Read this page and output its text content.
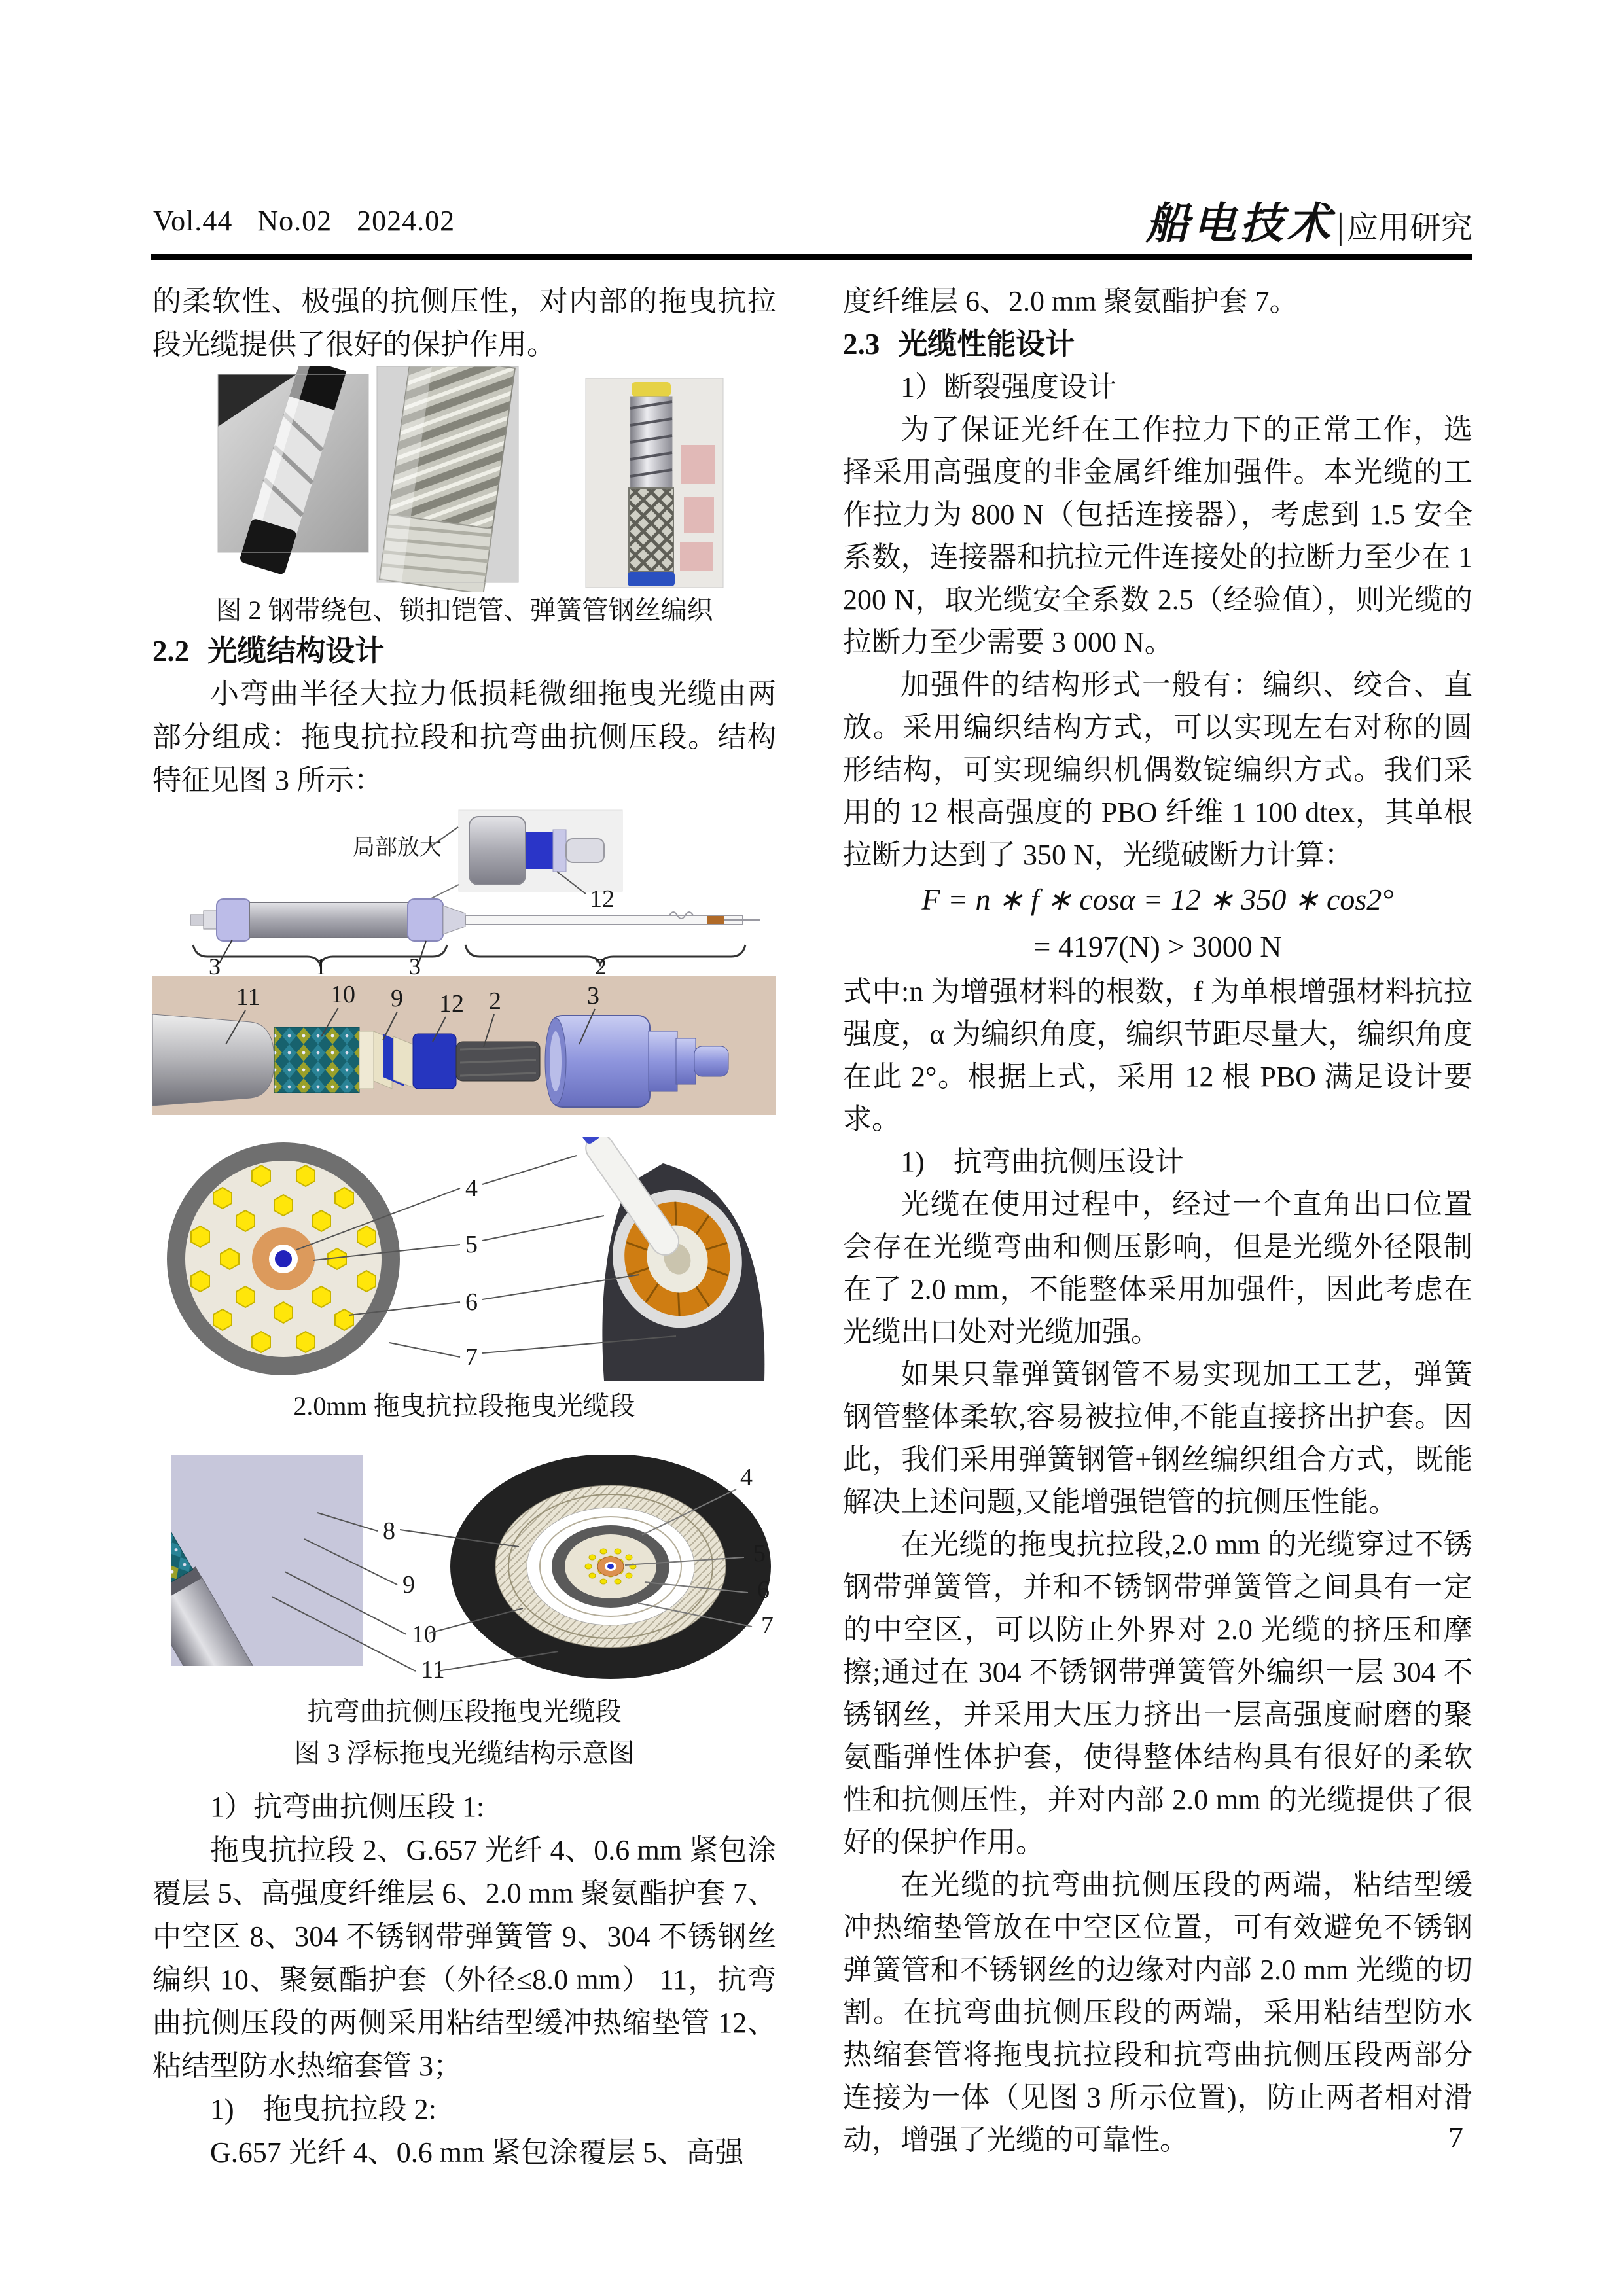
Vol.44 No.02 2024.02	船电技术|应用研究

的柔软性、极强的抗侧压性，对内部的拖曳抗拉段光缆提供了很好的保护作用。

图 2 钢带绕包、锁扣铠管、弹簧管钢丝编织
2.2 光缆结构设计

小弯曲半径大拉力低损耗微细拖曳光缆由两部分组成：拖曳抗拉段和抗弯曲抗侧压段。结构特征见图 3 所示：

12
局部放大
3	1	3	2
11	10 9 12 2	3
4
5
6
7
2.0mm 拖曳抗拉段拖曳光缆段
8
9
10
11
4
5
6
7

抗弯曲抗侧压段拖曳光缆段

图 3 浮标拖曳光缆结构示意图

1）抗弯曲抗侧压段 1:

拖曳抗拉段 2、G.657 光纤 4、0.6 mm 紧包涂覆层 5、高强度纤维层 6、2.0 mm 聚氨酯护套 7、中空区 8、304 不锈钢带弹簧管 9、304 不锈钢丝编织 10、聚氨酯护套（外径≤8.0 mm） 11，抗弯曲抗侧压段的两侧采用粘结型缓冲热缩垫管 12、粘结型防水热缩套管 3；

1)　拖曳抗拉段 2:

G.657 光纤 4、0.6 mm 紧包涂覆层 5、高强

度纤维层 6、2.0 mm 聚氨酯护套 7。

2.3 光缆性能设计

1）断裂强度设计

为了保证光纤在工作拉力下的正常工作，选择采用高强度的非金属纤维加强件。本光缆的工作拉力为 800 N（包括连接器），考虑到 1.5 安全系数，连接器和抗拉元件连接处的拉断力至少在 1 200 N，取光缆安全系数 2.5（经验值），则光缆的拉断力至少需要 3 000 N。

加强件的结构形式一般有：编织、绞合、直放。采用编织结构方式，可以实现左右对称的圆形结构，可实现编织机偶数锭编织方式。我们采用的 12 根高强度的 PBO 纤维 1 100 dtex，其单根拉断力达到了 350 N，光缆破断力计算：

F = n ∗ f ∗ cosα = 12 ∗ 350 ∗ cos2°
= 4197(N) > 3000 N

式中:n 为增强材料的根数，f 为单根增强材料抗拉强度，α 为编织角度，编织节距尽量大，编织角度在此 2°。根据上式，采用 12 根 PBO 满足设计要求。

1)　抗弯曲抗侧压设计

光缆在使用过程中，经过一个直角出口位置会存在光缆弯曲和侧压影响，但是光缆外径限制在了 2.0 mm，不能整体采用加强件，因此考虑在光缆出口处对光缆加强。

如果只靠弹簧钢管不易实现加工工艺，弹簧钢管整体柔软,容易被拉伸,不能直接挤出护套。因此，我们采用弹簧钢管+钢丝编织组合方式，既能解决上述问题,又能增强铠管的抗侧压性能。

在光缆的拖曳抗拉段,2.0 mm 的光缆穿过不锈钢带弹簧管，并和不锈钢带弹簧管之间具有一定的中空区，可以防止外界对 2.0 光缆的挤压和摩擦;通过在 304 不锈钢带弹簧管外编织一层 304 不锈钢丝，并采用大压力挤出一层高强度耐磨的聚氨酯弹性体护套，使得整体结构具有很好的柔软性和抗侧压性，并对内部 2.0 mm 的光缆提供了很好的保护作用。

在光缆的抗弯曲抗侧压段的两端，粘结型缓冲热缩垫管放在中空区位置，可有效避免不锈钢弹簧管和不锈钢丝的边缘对内部 2.0 mm 光缆的切割。在抗弯曲抗侧压段的两端，采用粘结型防水热缩套管将拖曳抗拉段和抗弯曲抗侧压段两部分连接为一体（见图 3 所示位置)，防止两者相对滑动，增强了光缆的可靠性。	7
